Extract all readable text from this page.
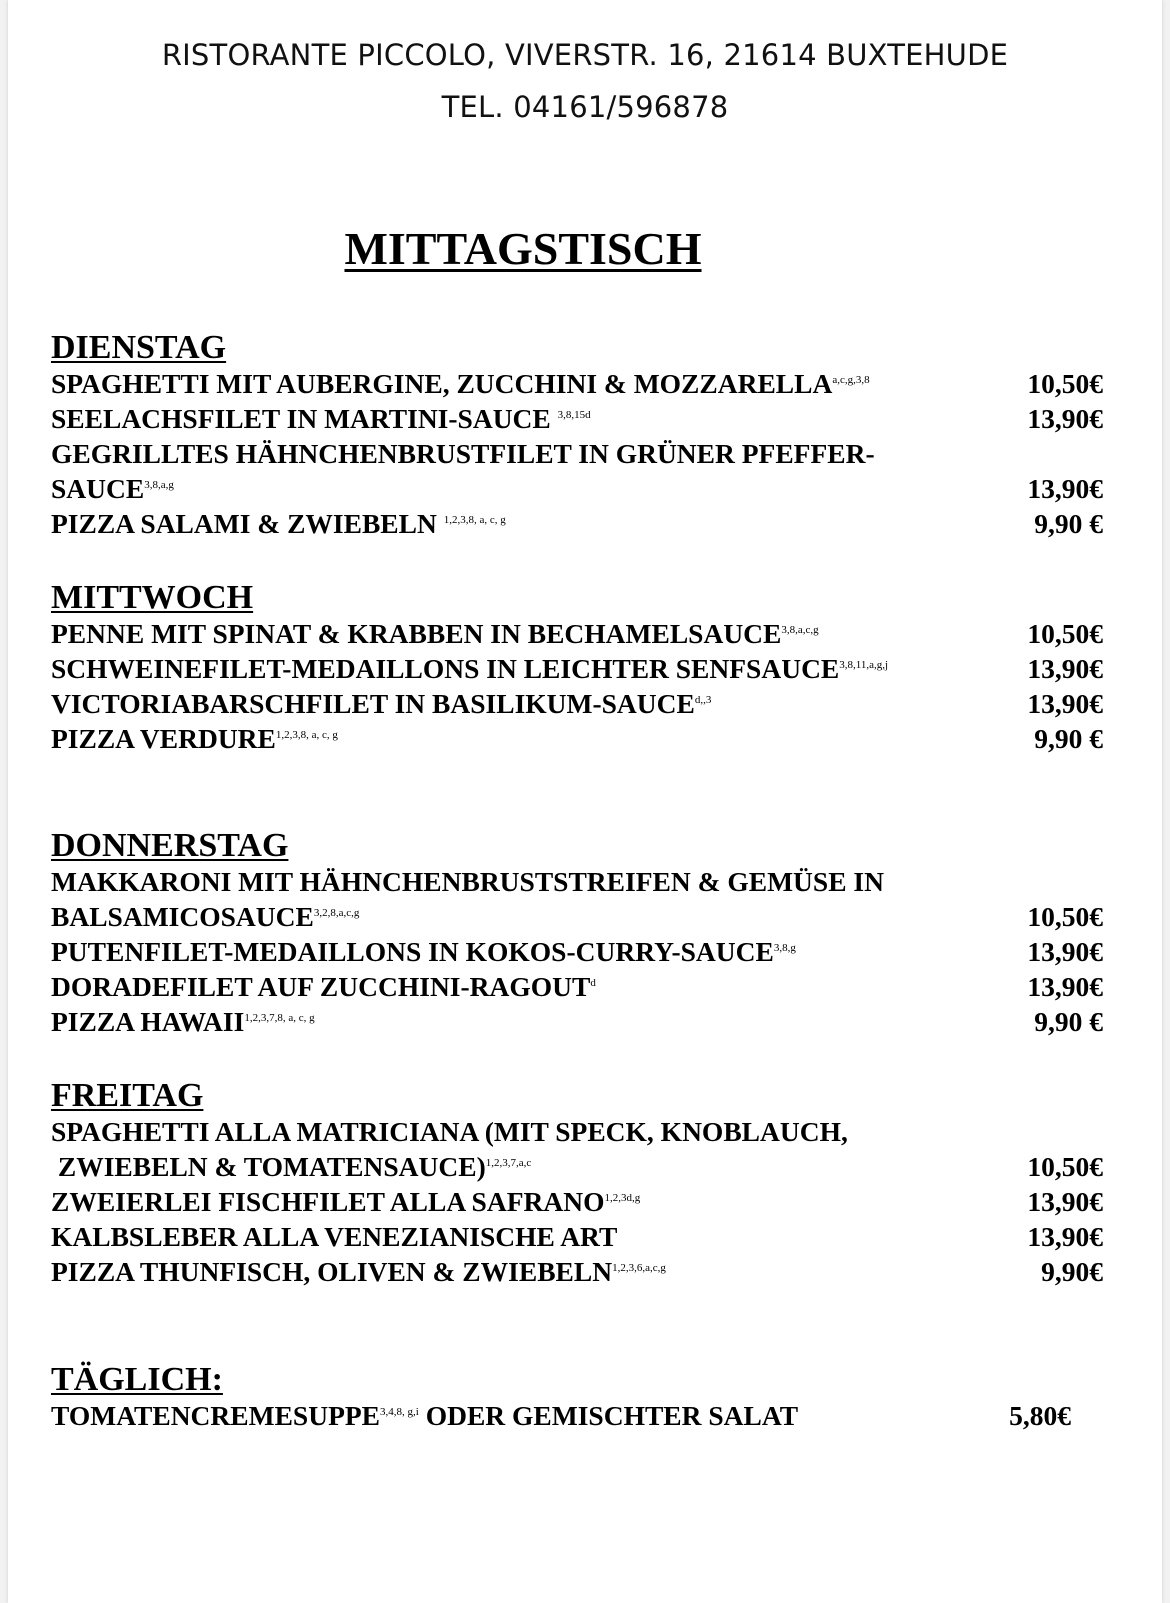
RISTORANTE PICCOLO, VIVERSTR. 16, 21614 BUXTEHUDE
TEL. 04161/596878
MITTAGSTISCH
DIENSTAG
SPAGHETTI MIT AUBERGINE, ZUCCHINI & MOZZARELLA$^{a,c,g,3,8}$	10,50€
SEELACHSFILET IN MARTINI-SAUCE $^{3,8,15d}$	13,90€
GEGRILLTES HÄHNCHENBRUSTFILET IN GRÜNER PFEFFER-
SAUCE$^{3,8,a,g}$	13,90€
PIZZA SALAMI & ZWIEBELN $^{1,2,3,8, a, c, g}$	9,90 €
MITTWOCH
PENNE MIT SPINAT & KRABBEN IN BECHAMELSAUCE$^{3,8,a,c,g}$	10,50€
SCHWEINEFILET-MEDAILLONS IN LEICHTER SENFSAUCE$^{3,8,11,a,g,j}$	13,90€
VICTORIABARSCHFILET IN BASILIKUM-$SAUCE^{d,,3}$	13,90€
PIZZA VERDURE$^{1,2,3,8, a, c, g}$	9,90 €
DONNERSTAG
MAKKARONI MIT HÄHNCHENBRUSTSTREIFEN & GEMÜSE IN
BALSAMICOSAUCE$^{3,2,8,a,c,g}$	10,50€
PUTENFILET-MEDAILLONS IN KOKOS-CURRY-SAUCE$^{3,8,g}$	13,90€
DORADEFILET AUF ZUCCHINI-RAGOUT$^d$	13,90€
PIZZA HAWAII$^{1,2,3,7,8, a, c, g}$	9,90 €
FREITAG
SPAGHETTI ALLA MATRICIANA (MIT SPECK, KNOBLAUCH,
ZWIEBELN & TOMATENSAUCE)$^{1,2,3,7,a,c}$	10,50€
ZWEIERLEI FISCHFILET ALLA $SAFRANO^{1,2,3d,g}$	13,90€
KALBSLEBER ALLA VENEZIANISCHE ART	13,90€
PIZZA THUNFISCH, OLIVEN & ZWIEBELN$^{1,2,3,6,a,c,g}$	9,90€
TÄGLICH:
TOMATENCREMESUPPE$^{3,4,8, g,i}$ ODER GEMISCHTER SALAT	5,80€
